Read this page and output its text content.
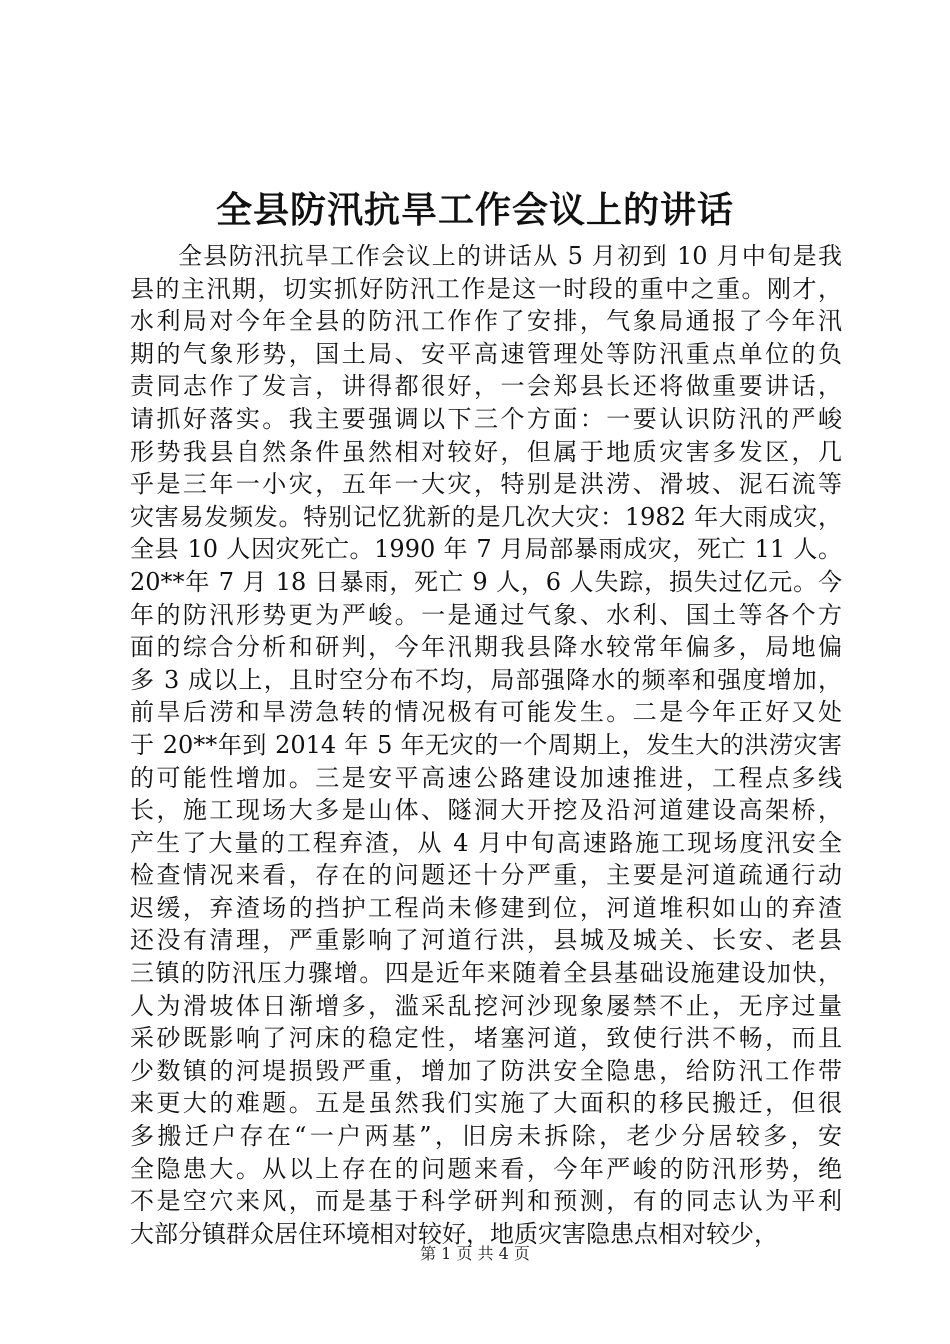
全县防汛抗旱工作会议上的讲话
全县防汛抗旱工作会议上的讲话从 5 月初到 10 月中旬是我
县的主汛期，切实抓好防汛工作是这一时段的重中之重。刚才，
水利局对今年全县的防汛工作作了安排，气象局通报了今年汛
期的气象形势，国土局、安平高速管理处等防汛重点单位的负
责同志作了发言，讲得都很好，一会郑县长还将做重要讲话，
请抓好落实。我主要强调以下三个方面：一要认识防汛的严峻
形势我县自然条件虽然相对较好，但属于地质灾害多发区，几
乎是三年一小灾，五年一大灾，特别是洪涝、滑坡、泥石流等
灾害易发频发。特别记忆犹新的是几次大灾：1982 年大雨成灾，
全县 10 人因灾死亡。1990 年 7 月局部暴雨成灾，死亡 11 人。
20**年 7 月 18 日暴雨，死亡 9 人，6 人失踪，损失过亿元。今
年的防汛形势更为严峻。一是通过气象、水利、国土等各个方
面的综合分析和研判，今年汛期我县降水较常年偏多，局地偏
多 3 成以上，且时空分布不均，局部强降水的频率和强度增加，
前旱后涝和旱涝急转的情况极有可能发生。二是今年正好又处
于 20**年到 2014 年 5 年无灾的一个周期上，发生大的洪涝灾害
的可能性增加。三是安平高速公路建设加速推进，工程点多线
长，施工现场大多是山体、隧洞大开挖及沿河道建设高架桥，
产生了大量的工程弃渣，从 4 月中旬高速路施工现场度汛安全
检查情况来看，存在的问题还十分严重，主要是河道疏通行动
迟缓，弃渣场的挡护工程尚未修建到位，河道堆积如山的弃渣
还没有清理，严重影响了河道行洪，县城及城关、长安、老县
三镇的防汛压力骤增。四是近年来随着全县基础设施建设加快，
人为滑坡体日渐增多，滥采乱挖河沙现象屡禁不止，无序过量
采砂既影响了河床的稳定性，堵塞河道，致使行洪不畅，而且
少数镇的河堤损毁严重，增加了防洪安全隐患，给防汛工作带
来更大的难题。五是虽然我们实施了大面积的移民搬迁，但很
多搬迁户存在“一户两基”，旧房未拆除，老少分居较多，安
全隐患大。从以上存在的问题来看，今年严峻的防汛形势，绝
不是空穴来风，而是基于科学研判和预测，有的同志认为平利
大部分镇群众居住环境相对较好，地质灾害隐患点相对较少，
第 1 页 共 4 页
